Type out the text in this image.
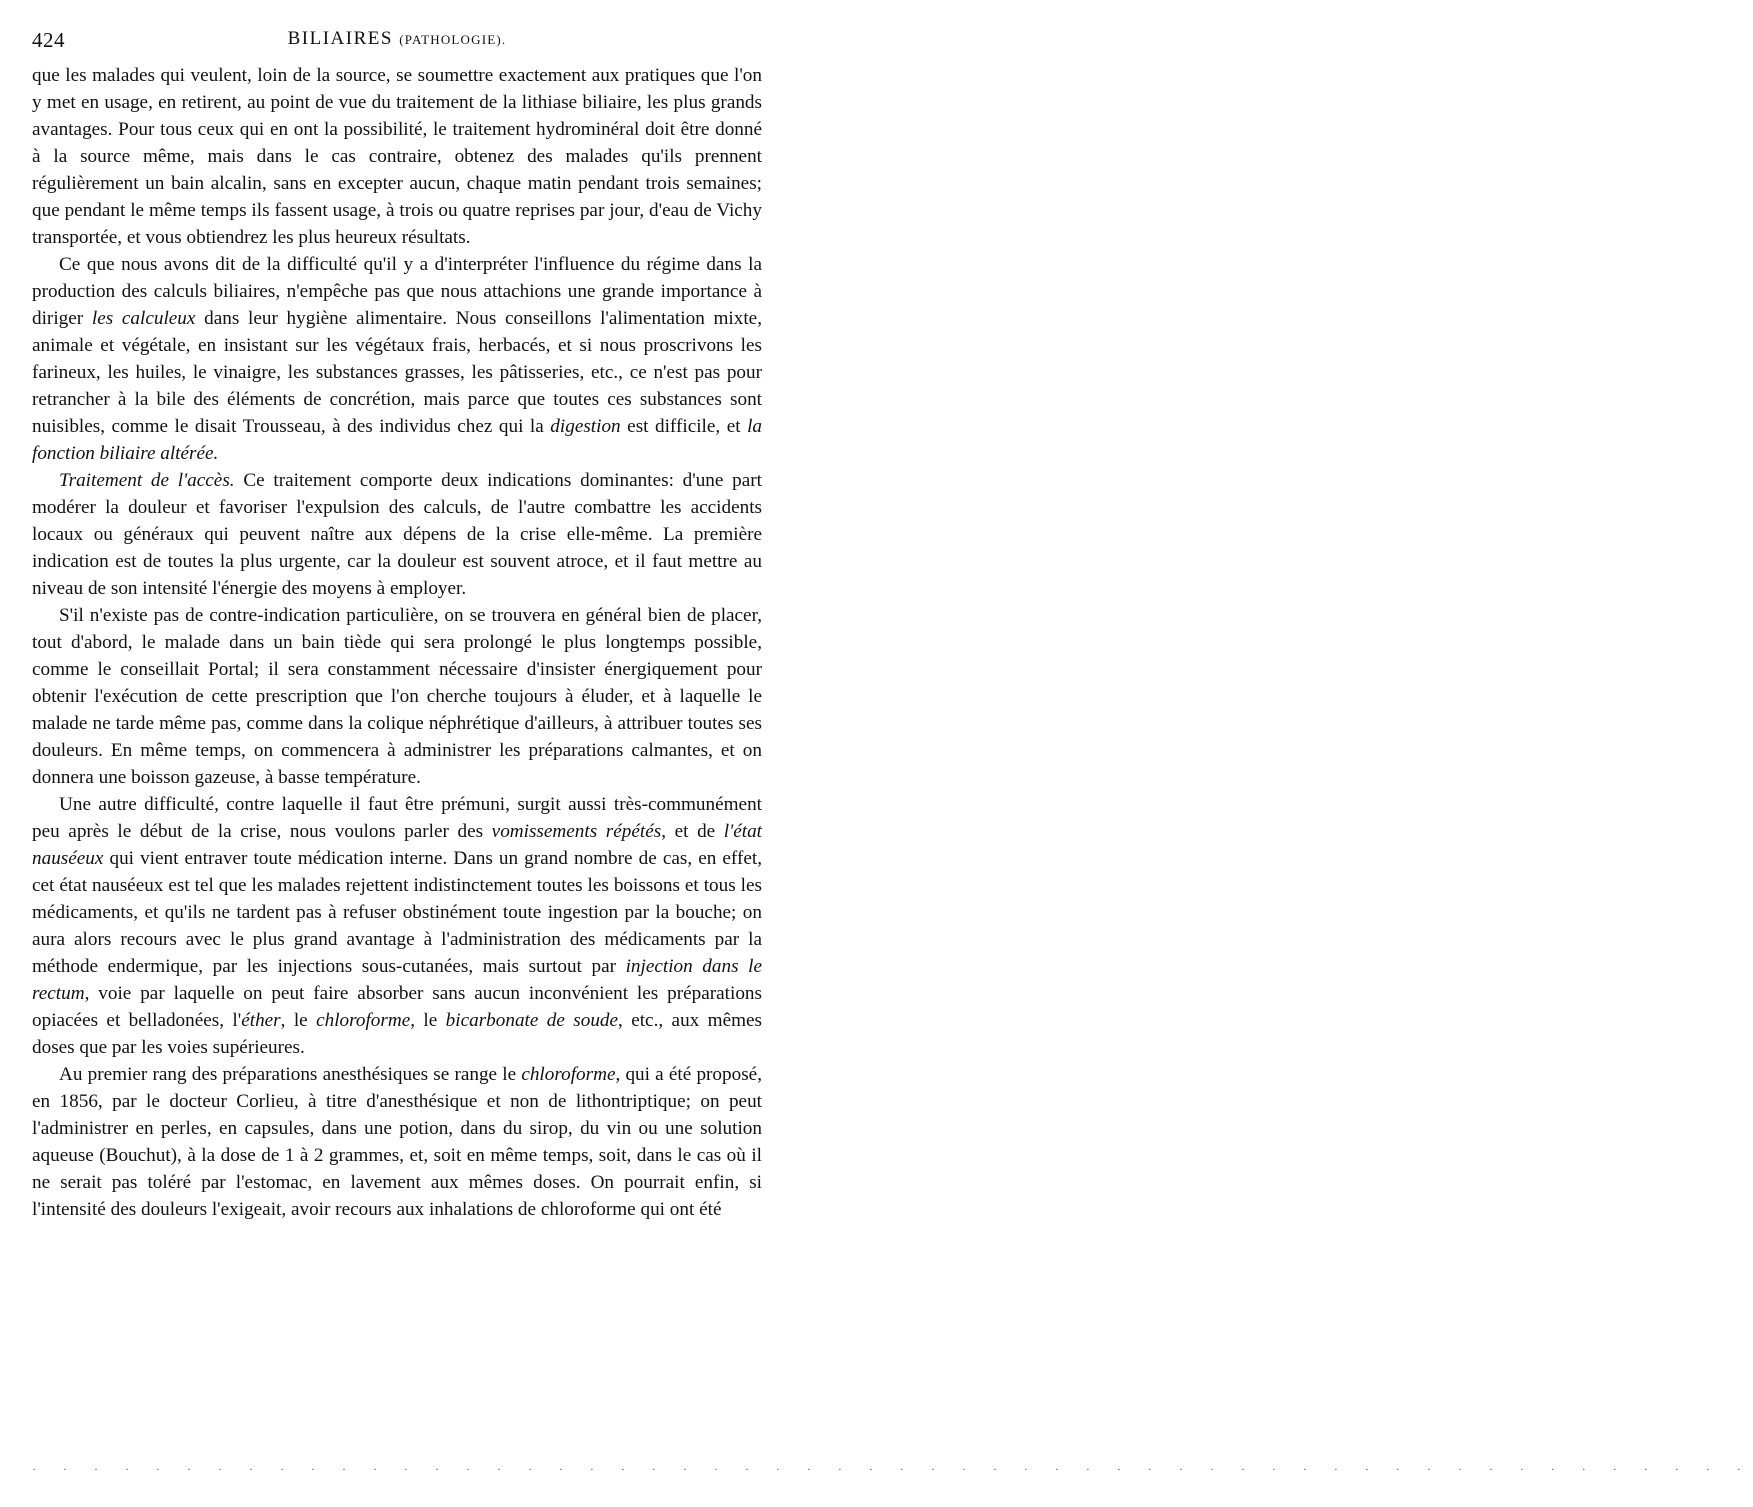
424	BILIAIRES (PATHOLOGIE).

que les malades qui veulent, loin de la source, se soumettre exactement aux pratiques que l'on y met en usage, en retirent, au point de vue du traitement de la lithiase biliaire, les plus grands avantages. Pour tous ceux qui en ont la possibilité, le traitement hydrominéral doit être donné à la source même, mais dans le cas contraire, obtenez des malades qu'ils prennent régulièrement un bain alcalin, sans en excepter aucun, chaque matin pendant trois semaines; que pendant le même temps ils fassent usage, à trois ou quatre reprises par jour, d'eau de Vichy transportée, et vous obtiendrez les plus heureux résultats.

Ce que nous avons dit de la difficulté qu'il y a d'interpréter l'influence du régime dans la production des calculs biliaires, n'empêche pas que nous attachions une grande importance à diriger les calculeux dans leur hygiène alimentaire. Nous conseillons l'alimentation mixte, animale et végétale, en insistant sur les végétaux frais, herbacés, et si nous proscrivons les farineux, les huiles, le vinaigre, les substances grasses, les pâtisseries, etc., ce n'est pas pour retrancher à la bile des éléments de concrétion, mais parce que toutes ces substances sont nuisibles, comme le disait Trousseau, à des individus chez qui la digestion est difficile, et la fonction biliaire altérée.

Traitement de l'accès. Ce traitement comporte deux indications dominantes: d'une part modérer la douleur et favoriser l'expulsion des calculs, de l'autre combattre les accidents locaux ou généraux qui peuvent naître aux dépens de la crise elle-même. La première indication est de toutes la plus urgente, car la douleur est souvent atroce, et il faut mettre au niveau de son intensité l'énergie des moyens à employer.

S'il n'existe pas de contre-indication particulière, on se trouvera en général bien de placer, tout d'abord, le malade dans un bain tiède qui sera prolongé le plus longtemps possible, comme le conseillait Portal; il sera constamment nécessaire d'insister énergiquement pour obtenir l'exécution de cette prescription que l'on cherche toujours à éluder, et à laquelle le malade ne tarde même pas, comme dans la colique néphrétique d'ailleurs, à attribuer toutes ses douleurs. En même temps, on commencera à administrer les préparations calmantes, et on donnera une boisson gazeuse, à basse température.

Une autre difficulté, contre laquelle il faut être prémuni, surgit aussi très-communément peu après le début de la crise, nous voulons parler des vomissements répétés, et de l'état nauséeux qui vient entraver toute médication interne. Dans un grand nombre de cas, en effet, cet état nauséeux est tel que les malades rejettent indistinctement toutes les boissons et tous les médicaments, et qu'ils ne tardent pas à refuser obstinément toute ingestion par la bouche; on aura alors recours avec le plus grand avantage à l'administration des médicaments par la méthode endermique, par les injections sous-cutanées, mais surtout par injection dans le rectum, voie par laquelle on peut faire absorber sans aucun inconvénient les préparations opiacées et belladonées, l'éther, le chloroforme, le bicarbonate de soude, etc., aux mêmes doses que par les voies supérieures.

Au premier rang des préparations anesthésiques se range le chloroforme, qui a été proposé, en 1856, par le docteur Corlieu, à titre d'anesthésique et non de lithontriptique; on peut l'administrer en perles, en capsules, dans une potion, dans du sirop, du vin ou une solution aqueuse (Bouchut), à la dose de 1 à 2 grammes, et, soit en même temps, soit, dans le cas où il ne serait pas toléré par l'estomac, en lavement aux mêmes doses. On pourrait enfin, si l'intensité des douleurs l'exigeait, avoir recours aux inhalations de chloroforme qui ont été

· · · · · · · · · · · · · · · · · · · · · · · · · · · · · · · · · · · · · · · · · · · · · · · · · · · · · · · ·
